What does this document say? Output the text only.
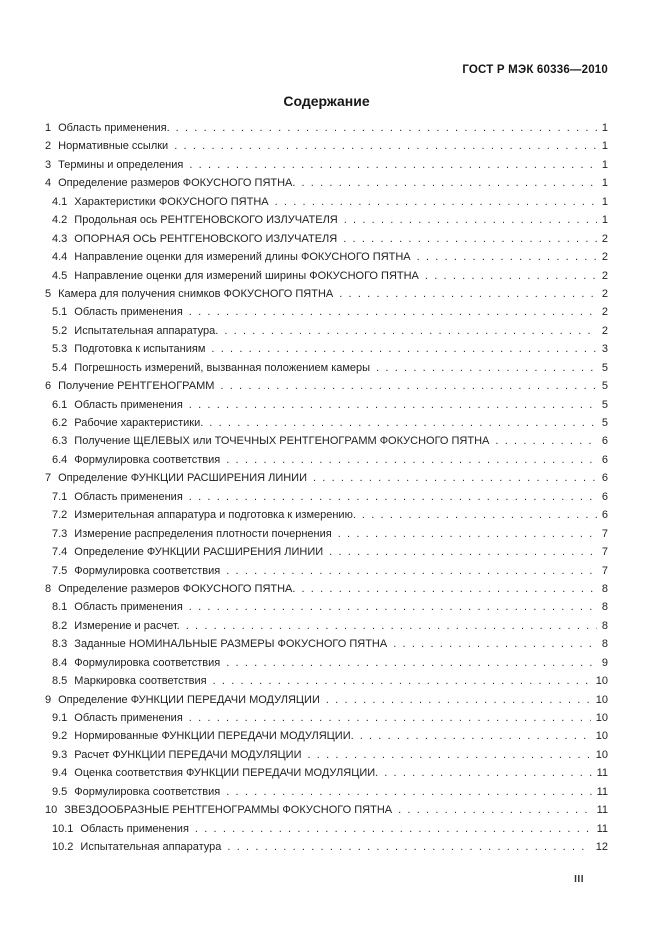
ГОСТ Р МЭК 60336—2010
Содержание
1 Область применения. . . .	1
2 Нормативные ссылки . . .	1
3 Термины и определения . . .	1
4 Определение размеров ФОКУСНОГО ПЯТНА. . . .	1
4.1 Характеристики ФОКУСНОГО ПЯТНА . . .	1
4.2 Продольная ось РЕНТГЕНОВСКОГО ИЗЛУЧАТЕЛЯ . . .	1
4.3 ОПОРНАЯ ОСЬ РЕНТГЕНОВСКОГО ИЗЛУЧАТЕЛЯ . . .	2
4.4 Направление оценки для измерений длины ФОКУСНОГО ПЯТНА . . .	2
4.5 Направление оценки для измерений ширины ФОКУСНОГО ПЯТНА . . .	2
5 Камера для получения снимков ФОКУСНОГО ПЯТНА . . .	2
5.1 Область применения . . .	2
5.2 Испытательная аппаратура. . . .	2
5.3 Подготовка к испытаниям . . .	3
5.4 Погрешность измерений, вызванная положением камеры . . .	5
6 Получение РЕНТГЕНОГРАММ . . .	5
6.1 Область применения . . .	5
6.2 Рабочие характеристики. . . .	5
6.3 Получение ЩЕЛЕВЫХ или ТОЧЕЧНЫХ РЕНТГЕНОГРАММ ФОКУСНОГО ПЯТНА . . .	6
6.4 Формулировка соответствия . . .	6
7 Определение ФУНКЦИИ РАСШИРЕНИЯ ЛИНИИ . . .	6
7.1 Область применения . . .	6
7.2 Измерительная аппаратура и подготовка к измерению. . . .	6
7.3 Измерение распределения плотности почернения . . .	7
7.4 Определение ФУНКЦИИ РАСШИРЕНИЯ ЛИНИИ . . .	7
7.5 Формулировка соответствия . . .	7
8 Определение размеров ФОКУСНОГО ПЯТНА. . . .	8
8.1 Область применения . . .	8
8.2 Измерение и расчет. . . .	8
8.3 Заданные НОМИНАЛЬНЫЕ РАЗМЕРЫ ФОКУСНОГО ПЯТНА . . .	8
8.4 Формулировка соответствия . . .	9
8.5 Маркировка соответствия . . .	10
9 Определение ФУНКЦИИ ПЕРЕДАЧИ МОДУЛЯЦИИ . . .	10
9.1 Область применения . . .	10
9.2 Нормированные ФУНКЦИИ ПЕРЕДАЧИ МОДУЛЯЦИИ. . . .	10
9.3 Расчет ФУНКЦИИ ПЕРЕДАЧИ МОДУЛЯЦИИ . . .	10
9.4 Оценка соответствия ФУНКЦИИ ПЕРЕДАЧИ МОДУЛЯЦИИ. . . .	11
9.5 Формулировка соответствия . . .	11
10 ЗВЕЗДООБРАЗНЫЕ РЕНТГЕНОГРАММЫ ФОКУСНОГО ПЯТНА . . .	11
10.1 Область применения . . .	11
10.2 Испытательная аппаратура . . .	12
III
